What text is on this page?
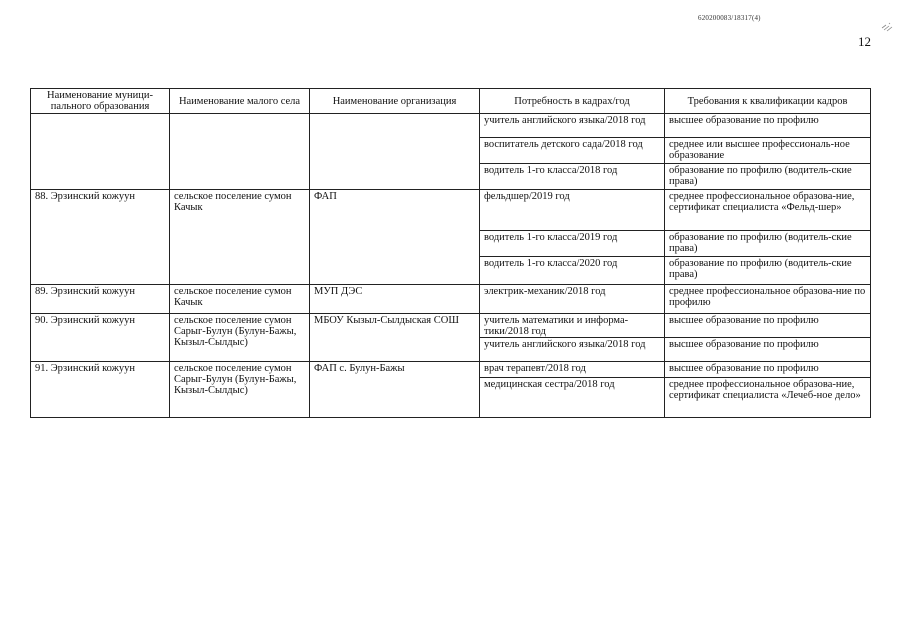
620200083/18317(4)
12
Наименование муници-пального образования	Наименование малого села	Наименование организация	Потребность в кадрах/год	Требования к квалификации кадров
			учитель английского языка/2018 год	высшее образование по профилю
			воспитатель детского сада/2018 год	среднее или высшее профессиональ-ное образование
			водитель 1-го класса/2018 год	образование по профилю (водитель-ские права)
88. Эрзинский кожуун	сельское поселение сумон Качык	ФАП	фельдшер/2019 год	среднее профессиональное образова-ние, сертификат специалиста «Фельд-шер»
			водитель 1-го класса/2019 год	образование по профилю (водитель-ские права)
			водитель 1-го класса/2020 год	образование по профилю (водитель-ские права)
89. Эрзинский кожуун	сельское поселение сумон Качык	МУП ДЭС	электрик-механик/2018 год	среднее профессиональное образова-ние по профилю
90. Эрзинский кожуун	сельское поселение сумон Сарыг-Булун (Булун-Бажы, Кызыл-Сылдыс)	МБОУ Кызыл-Сылдыская СОШ	учитель математики и информа-тики/2018 год	высшее образование по профилю
			учитель английского языка/2018 год	высшее образование по профилю
91. Эрзинский кожуун	сельское поселение сумон Сарыг-Булун (Булун-Бажы, Кызыл-Сылдыс)	ФАП с. Булун-Бажы	врач терапевт/2018 год	высшее образование по профилю
			медицинская сестра/2018 год	среднее профессиональное образова-ние, сертификат специалиста «Лечеб-ное дело»
